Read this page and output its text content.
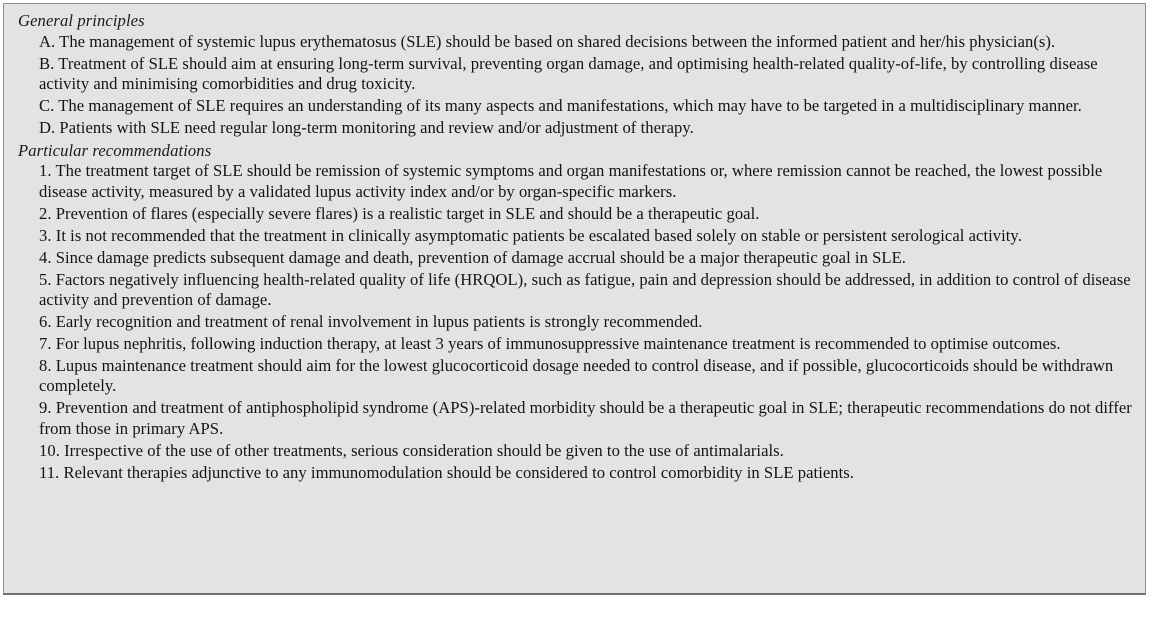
General principles
A. The management of systemic lupus erythematosus (SLE) should be based on shared decisions between the informed patient and her/his physician(s).
B. Treatment of SLE should aim at ensuring long-term survival, preventing organ damage, and optimising health-related quality-of-life, by controlling disease activity and minimising comorbidities and drug toxicity.
C. The management of SLE requires an understanding of its many aspects and manifestations, which may have to be targeted in a multidisciplinary manner.
D. Patients with SLE need regular long-term monitoring and review and/or adjustment of therapy.
Particular recommendations
1. The treatment target of SLE should be remission of systemic symptoms and organ manifestations or, where remission cannot be reached, the lowest possible disease activity, measured by a validated lupus activity index and/or by organ-specific markers.
2. Prevention of flares (especially severe flares) is a realistic target in SLE and should be a therapeutic goal.
3. It is not recommended that the treatment in clinically asymptomatic patients be escalated based solely on stable or persistent serological activity.
4. Since damage predicts subsequent damage and death, prevention of damage accrual should be a major therapeutic goal in SLE.
5. Factors negatively influencing health-related quality of life (HRQOL), such as fatigue, pain and depression should be addressed, in addition to control of disease activity and prevention of damage.
6. Early recognition and treatment of renal involvement in lupus patients is strongly recommended.
7. For lupus nephritis, following induction therapy, at least 3 years of immunosuppressive maintenance treatment is recommended to optimise outcomes.
8. Lupus maintenance treatment should aim for the lowest glucocorticoid dosage needed to control disease, and if possible, glucocorticoids should be withdrawn completely.
9. Prevention and treatment of antiphospholipid syndrome (APS)-related morbidity should be a therapeutic goal in SLE; therapeutic recommendations do not differ from those in primary APS.
10. Irrespective of the use of other treatments, serious consideration should be given to the use of antimalarials.
11. Relevant therapies adjunctive to any immunomodulation should be considered to control comorbidity in SLE patients.
